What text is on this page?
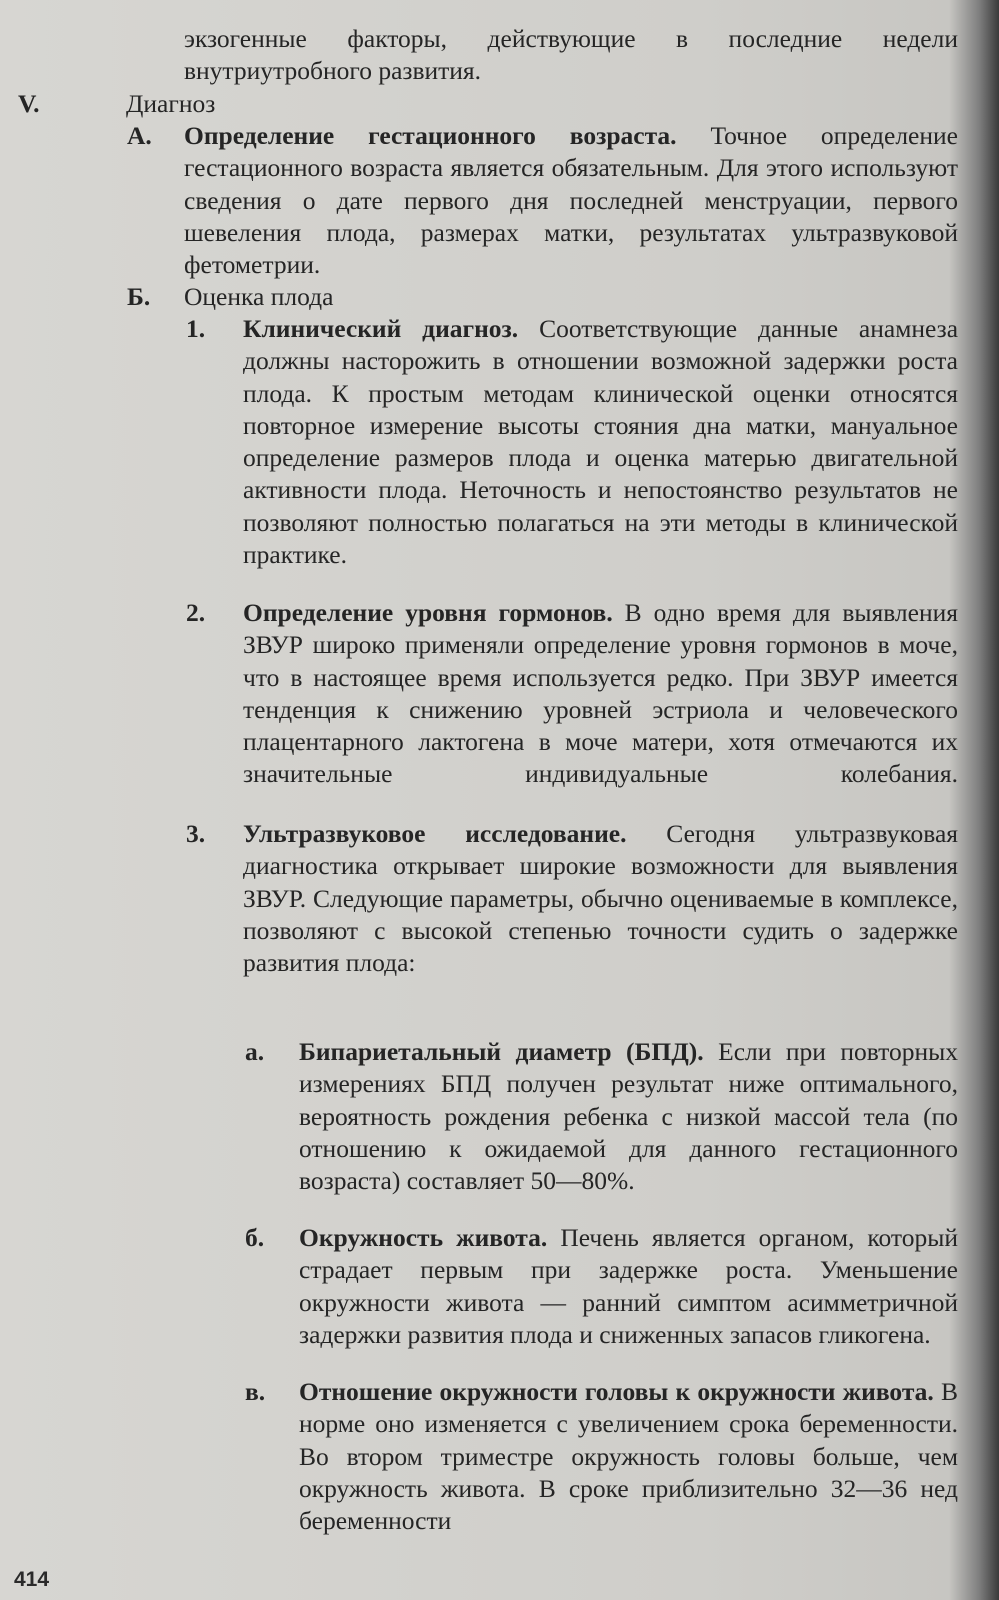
экзогенные факторы, действующие в последние недели внутриутробного развития.
V.	Диагноз
А. Определение гестационного возраста. Точное определение гестационного возраста является обязательным. Для этого используют сведения о дате первого дня последней менструации, первого шевеления плода, размерах матки, результатах ультразвуковой фетометрии.
Б. Оценка плода
1. Клинический диагноз. Соответствующие данные анамнеза должны насторожить в отношении возможной задержки роста плода. К простым методам клинической оценки относятся повторное измерение высоты стояния дна матки, мануальное определение размеров плода и оценка матерью двигательной активности плода. Неточность и непостоянство результатов не позволяют полностью полагаться на эти методы в клинической практике.
2. Определение уровня гормонов. В одно время для выявления ЗВУР широко применяли определение уровня гормонов в моче, что в настоящее время используется редко. При ЗВУР имеется тенденция к снижению уровней эстриола и человеческого плацентарного лактогена в моче матери, хотя отмечаются их значительные индивидуальные колебания.
3. Ультразвуковое исследование. Сегодня ультразвуковая диагностика открывает широкие возможности для выявления ЗВУР. Следующие параметры, обычно оцениваемые в комплексе, позволяют с высокой степенью точности судить о задержке развития плода:
а. Бипариетальный диаметр (БПД). Если при повторных измерениях БПД получен результат ниже оптимального, вероятность рождения ребенка с низкой массой тела (по отношению к ожидаемой для данного гестационного возраста) составляет 50—80%.
б. Окружность живота. Печень является органом, который страдает первым при задержке роста. Уменьшение окружности живота — ранний симптом асимметричной задержки развития плода и сниженных запасов гликогена.
в. Отношение окружности головы к окружности живота. В норме оно изменяется с увеличением срока беременности. Во втором триместре окружность головы больше, чем окружность живота. В сроке приблизительно 32—36 нед беременности
414
